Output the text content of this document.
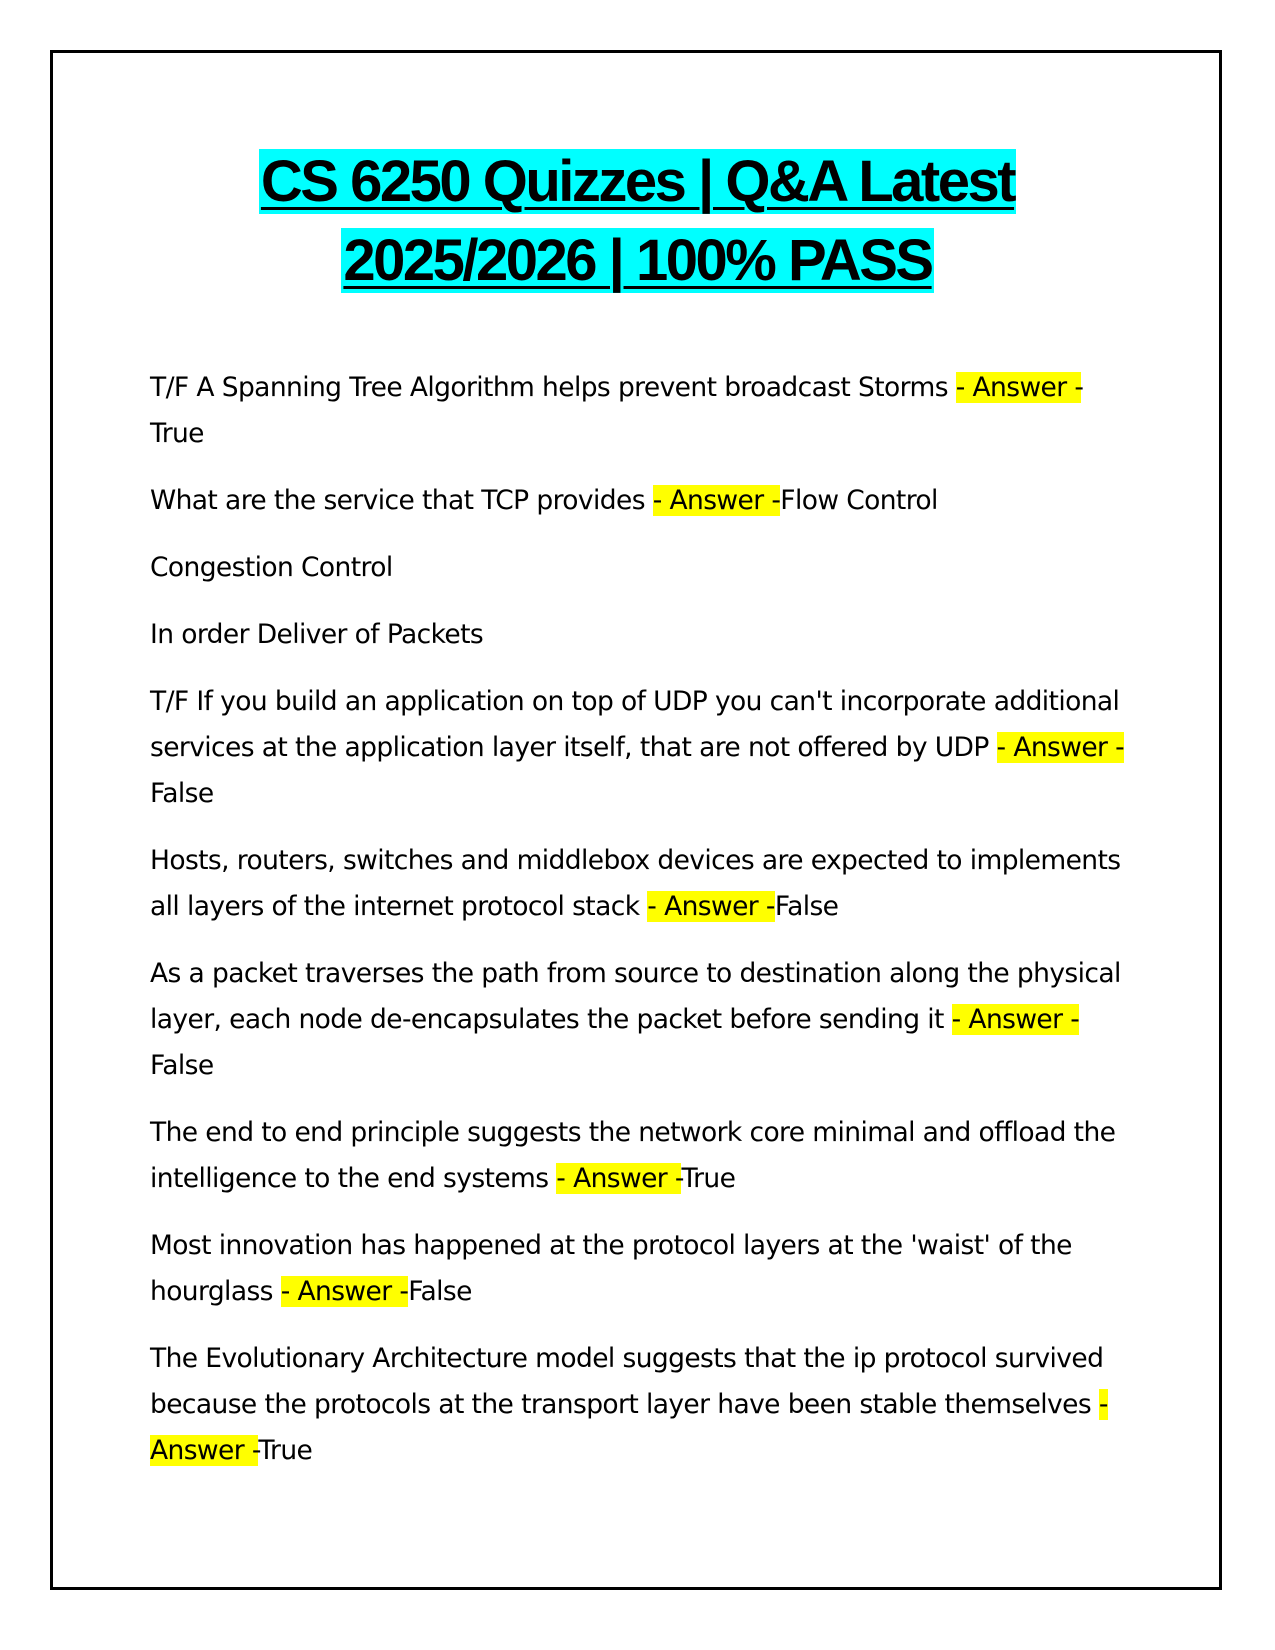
CS 6250 Quizzes | Q&A Latest
2025/2026 | 100% PASS

T/F A Spanning Tree Algorithm helps prevent broadcast Storms - Answer -True

What are the service that TCP provides - Answer -Flow Control

Congestion Control

In order Deliver of Packets

T/F If you build an application on top of UDP you can't incorporate additional services at the application layer itself, that are not offered by UDP - Answer -False

Hosts, routers, switches and middlebox devices are expected to implements all layers of the internet protocol stack - Answer -False

As a packet traverses the path from source to destination along the physical layer, each node de-encapsulates the packet before sending it - Answer -False

The end to end principle suggests the network core minimal and offload the intelligence to the end systems - Answer -True

Most innovation has happened at the protocol layers at the 'waist' of the hourglass - Answer -False

The Evolutionary Architecture model suggests that the ip protocol survived because the protocols at the transport layer have been stable themselves - Answer -True
